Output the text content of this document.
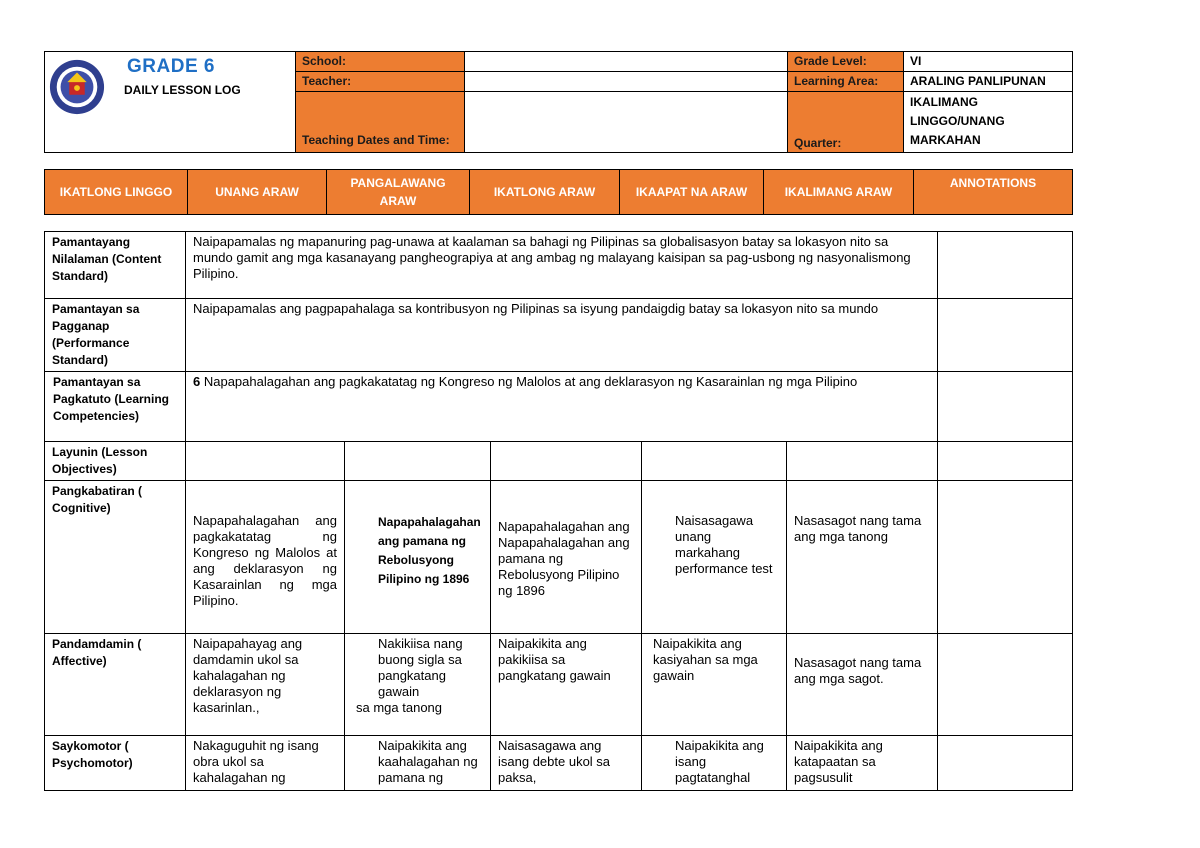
GRADE 6
DAILY LESSON LOG	School:		Grade Level:	VI
	Teacher:		Learning Area:	ARALING PANLIPUNAN
	Teaching Dates and Time:		Quarter:	IKALIMANG LINGGO/UNANG MARKAHAN
IKATLONG LINGGO	UNANG ARAW	PANGALAWANG ARAW	IKATLONG ARAW	IKAAPAT NA ARAW	IKALIMANG ARAW	ANNOTATIONS
Pamantayang Nilalaman (Content Standard)	Naipapamalas ng mapanuring pag-unawa at kaalaman sa bahagi ng Pilipinas sa globalisasyon batay sa lokasyon nito sa mundo gamit ang mga kasanayang pangheograpiya at ang ambag ng malayang kaisipan sa pag-usbong ng nasyonalismong Pilipino.					
Pamantayan sa Pagganap (Performance Standard)	Naipapamalas ang pagpapahalaga sa kontribusyon ng Pilipinas sa isyung pandaigdig batay sa lokasyon nito sa mundo					
Pamantayan sa Pagkatuto (Learning Competencies)	6 Napapahalagahan ang pagkakatatag ng Kongreso ng Malolos at ang deklarasyon ng Kasarainlan ng mga Pilipino					
Layunin (Lesson Objectives)						
Pangkabatiran ( Cognitive)	Napapahalagahan ang pagkakatatag ng Kongreso ng Malolos at ang deklarasyon ng Kasarainlan ng mga Pilipino.	Napapahalagahan ang pamana ng Rebolusyong Pilipino ng 1896	Napapahalagahan ang Napapahalagahan ang pamana ng Rebolusyong Pilipino ng 1896	Naisasagawa unang markahang performance test	Nasasagot nang tama ang mga tanong	

Pandamdamin ( Affective)	Naipapahayag ang damdamin ukol sa kahalagahan ng deklarasyon ng kasarinlan.,	Nakikiisa nang buong sigla sa pangkatang gawain
sa mga tanong	Naipakikita ang pakikiisa sa pangkatang gawain	Naipakikita ang kasiyahan sa mga gawain	Nasasagot nang tama ang mga sagot.	

Saykomotor ( Psychomotor)	Nakaguguhit ng isang obra ukol sa kahalagahan ng	Naipakikita ang kaahalagahan ng pamana ng	Naisasagawa ang isang debte ukol sa paksa,	Naipakikita ang isang pagtatanghal	Naipakikita ang katapaatan sa pagsusulit	
